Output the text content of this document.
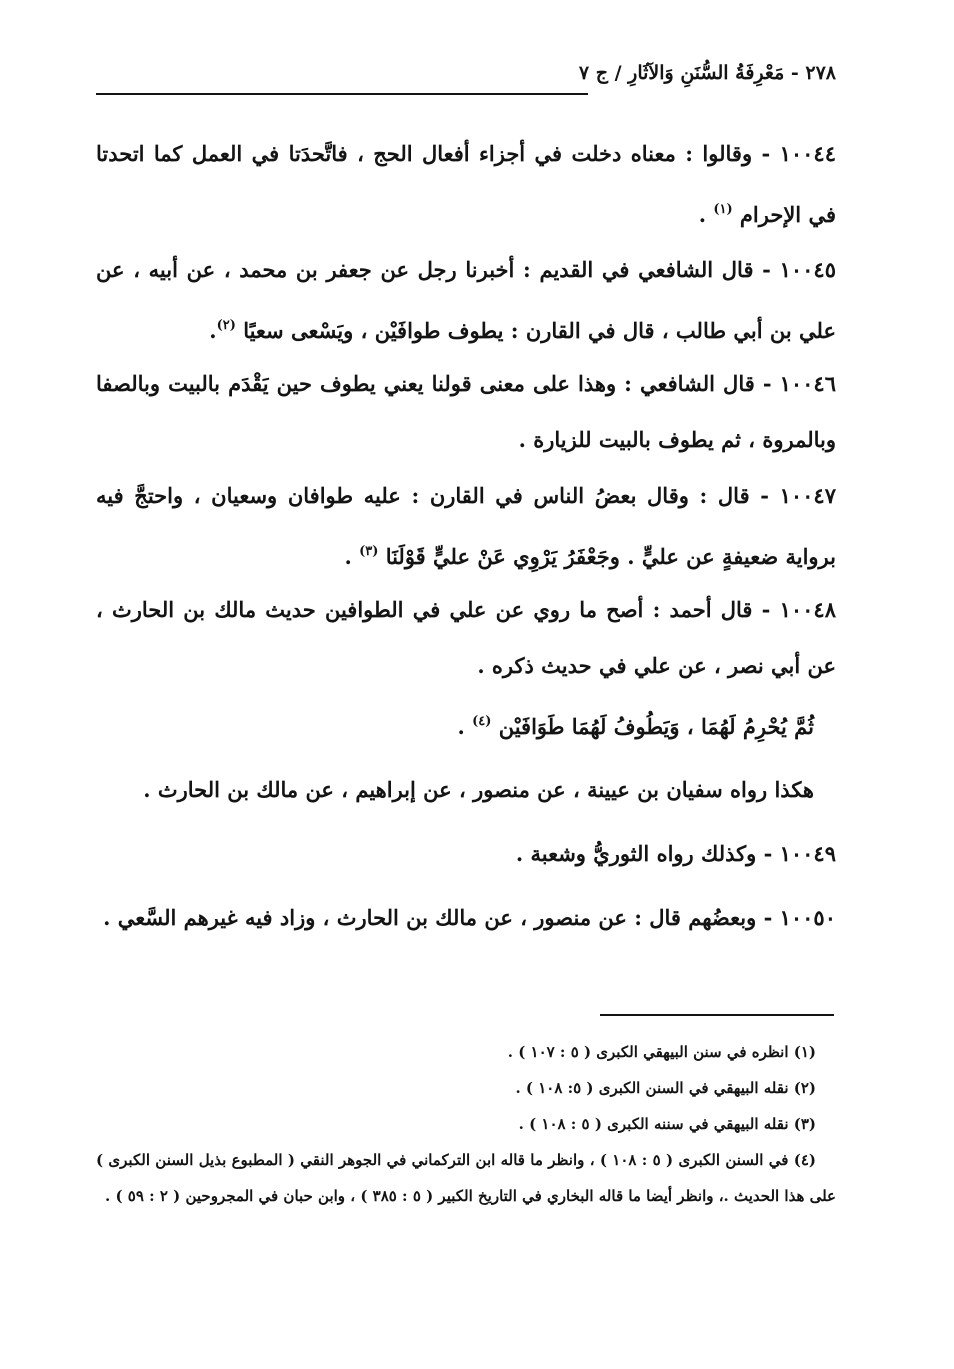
٢٧٨ - مَعْرِفَةُ السُّنَنِ وَالآثَارِ / ج ٧

١٠٠٤٤ - وقالوا : معناه دخلت في أجزاء أفعال الحج ، فاتَّحدَتا في العمل كما اتحدتا في الإحرام $^{(١)}$ .

١٠٠٤٥ - قال الشافعي في القديم : أخبرنا رجل عن جعفر بن محمد ، عن أبيه ، عن علي بن أبي طالب ، قال في القارن : يطوف طوافَيْن ، ويَسْعى سعيًا $^{(٢)}$.

١٠٠٤٦ - قال الشافعي : وهذا على معنى قولنا يعني يطوف حين يَقْدَم بالبيت وبالصفا وبالمروة ، ثم يطوف بالبيت للزيارة .

١٠٠٤٧ - قال : وقال بعضُ الناس في القارن : عليه طوافان وسعيان ، واحتجَّ فيه برواية ضعيفةٍ عن عليٍّ . وجَعْفَرُ يَرْوِي عَنْ عليٍّ قَوْلَنَا $^{(٣)}$ .

١٠٠٤٨ - قال أحمد : أصح ما روي عن علي في الطوافين حديث مالك بن الحارث ، عن أبي نصر ، عن علي في حديث ذكره .

ثُمَّ يُحْرِمُ لَهُمَا ، وَيَطُوفُ لَهُمَا طَوَافَيْن $^{(٤)}$ .

هكذا رواه سفيان بن عيينة ، عن منصور ، عن إبراهيم ، عن مالك بن الحارث .

١٠٠٤٩ - وكذلك رواه الثوريُّ وشعبة .

١٠٠٥٠ - وبعضُهم قال : عن منصور ، عن مالك بن الحارث ، وزاد فيه غيرهم السَّعي .

(١) انظره في سنن البيهقي الكبرى ( ٥ : ١٠٧ ) .
(٢) نقله البيهقي في السنن الكبرى ( ٥: ١٠٨ ) .
(٣) نقله البيهقي في سننه الكبرى ( ٥ : ١٠٨ ) .
(٤) في السنن الكبرى ( ٥ : ١٠٨ ) ، وانظر ما قاله ابن التركماني في الجوهر النقي ( المطبوع بذيل السنن الكبرى ) على هذا الحديث .، وانظر أيضا ما قاله البخاري في التاريخ الكبير ( ٥ : ٣٨٥ ) ، وابن حبان في المجروحين ( ٢ : ٥٩ ) .
